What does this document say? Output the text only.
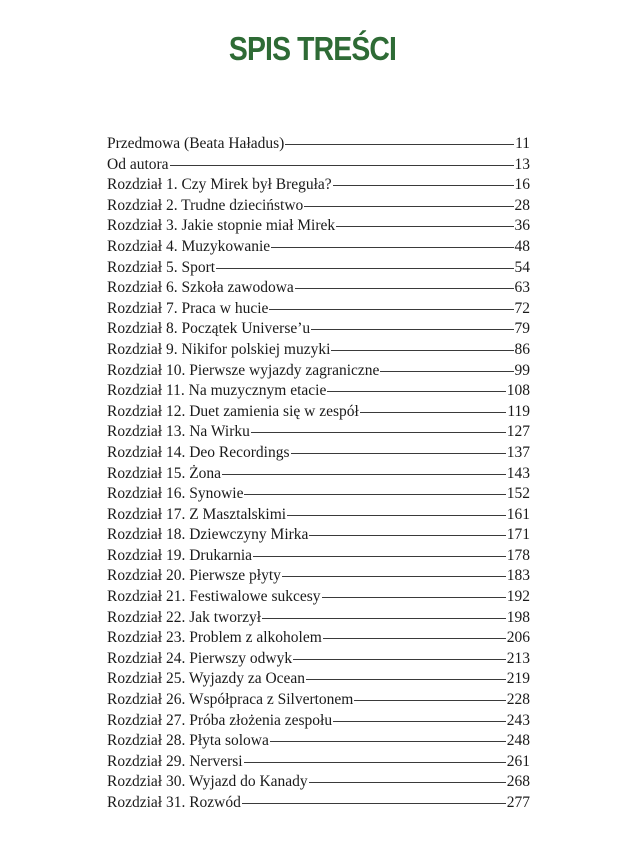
SPIS TREŚCI
Przedmowa (Beata Haładus)	11
Od autora	13
Rozdział 1. Czy Mirek był Breguła?	16
Rozdział 2. Trudne dzieciństwo	28
Rozdział 3. Jakie stopnie miał Mirek	36
Rozdział 4. Muzykowanie	48
Rozdział 5. Sport	54
Rozdział 6. Szkoła zawodowa	63
Rozdział 7. Praca w hucie	72
Rozdział 8. Początek Universe’u	79
Rozdział 9. Nikifor polskiej muzyki	86
Rozdział 10. Pierwsze wyjazdy zagraniczne	99
Rozdział 11. Na muzycznym etacie	108
Rozdział 12. Duet zamienia się w zespół	119
Rozdział 13. Na Wirku	127
Rozdział 14. Deo Recordings	137
Rozdział 15. Żona	143
Rozdział 16. Synowie	152
Rozdział 17. Z Masztalskimi	161
Rozdział 18. Dziewczyny Mirka	171
Rozdział 19. Drukarnia	178
Rozdział 20. Pierwsze płyty	183
Rozdział 21. Festiwalowe sukcesy	192
Rozdział 22. Jak tworzył	198
Rozdział 23. Problem z alkoholem	206
Rozdział 24. Pierwszy odwyk	213
Rozdział 25. Wyjazdy za Ocean	219
Rozdział 26. Współpraca z Silvertonem	228
Rozdział 27. Próba złożenia zespołu	243
Rozdział 28. Płyta solowa	248
Rozdział 29. Nerversi	261
Rozdział 30. Wyjazd do Kanady	268
Rozdział 31. Rozwód	277
